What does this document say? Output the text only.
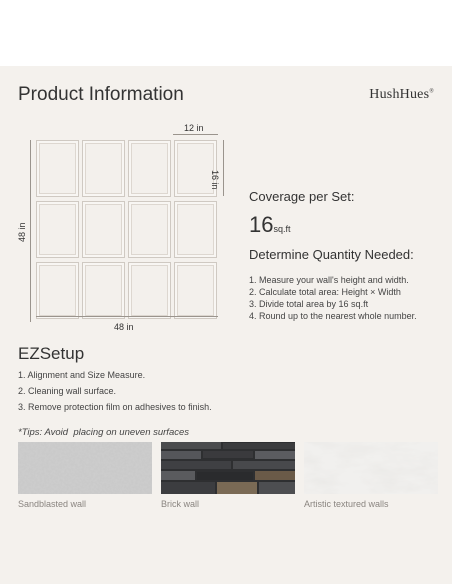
Product Information	HushHues®
12 in
16 in
48 in
48 in
Coverage per Set:
16sq.ft
Determine Quantity Needed:
1. Measure your wall's height and width.
2. Calculate total area: Height × Width
3. Divide total area by 16 sq.ft
4. Round up to the nearest whole number.
EZSetup
1. Alignment and Size Measure.
2. Cleaning wall surface.
3. Remove protection film on adhesives to finish.
*Tips: Avoid  placing on uneven surfaces
Sandblasted wall	Brick wall	Artistic textured walls
